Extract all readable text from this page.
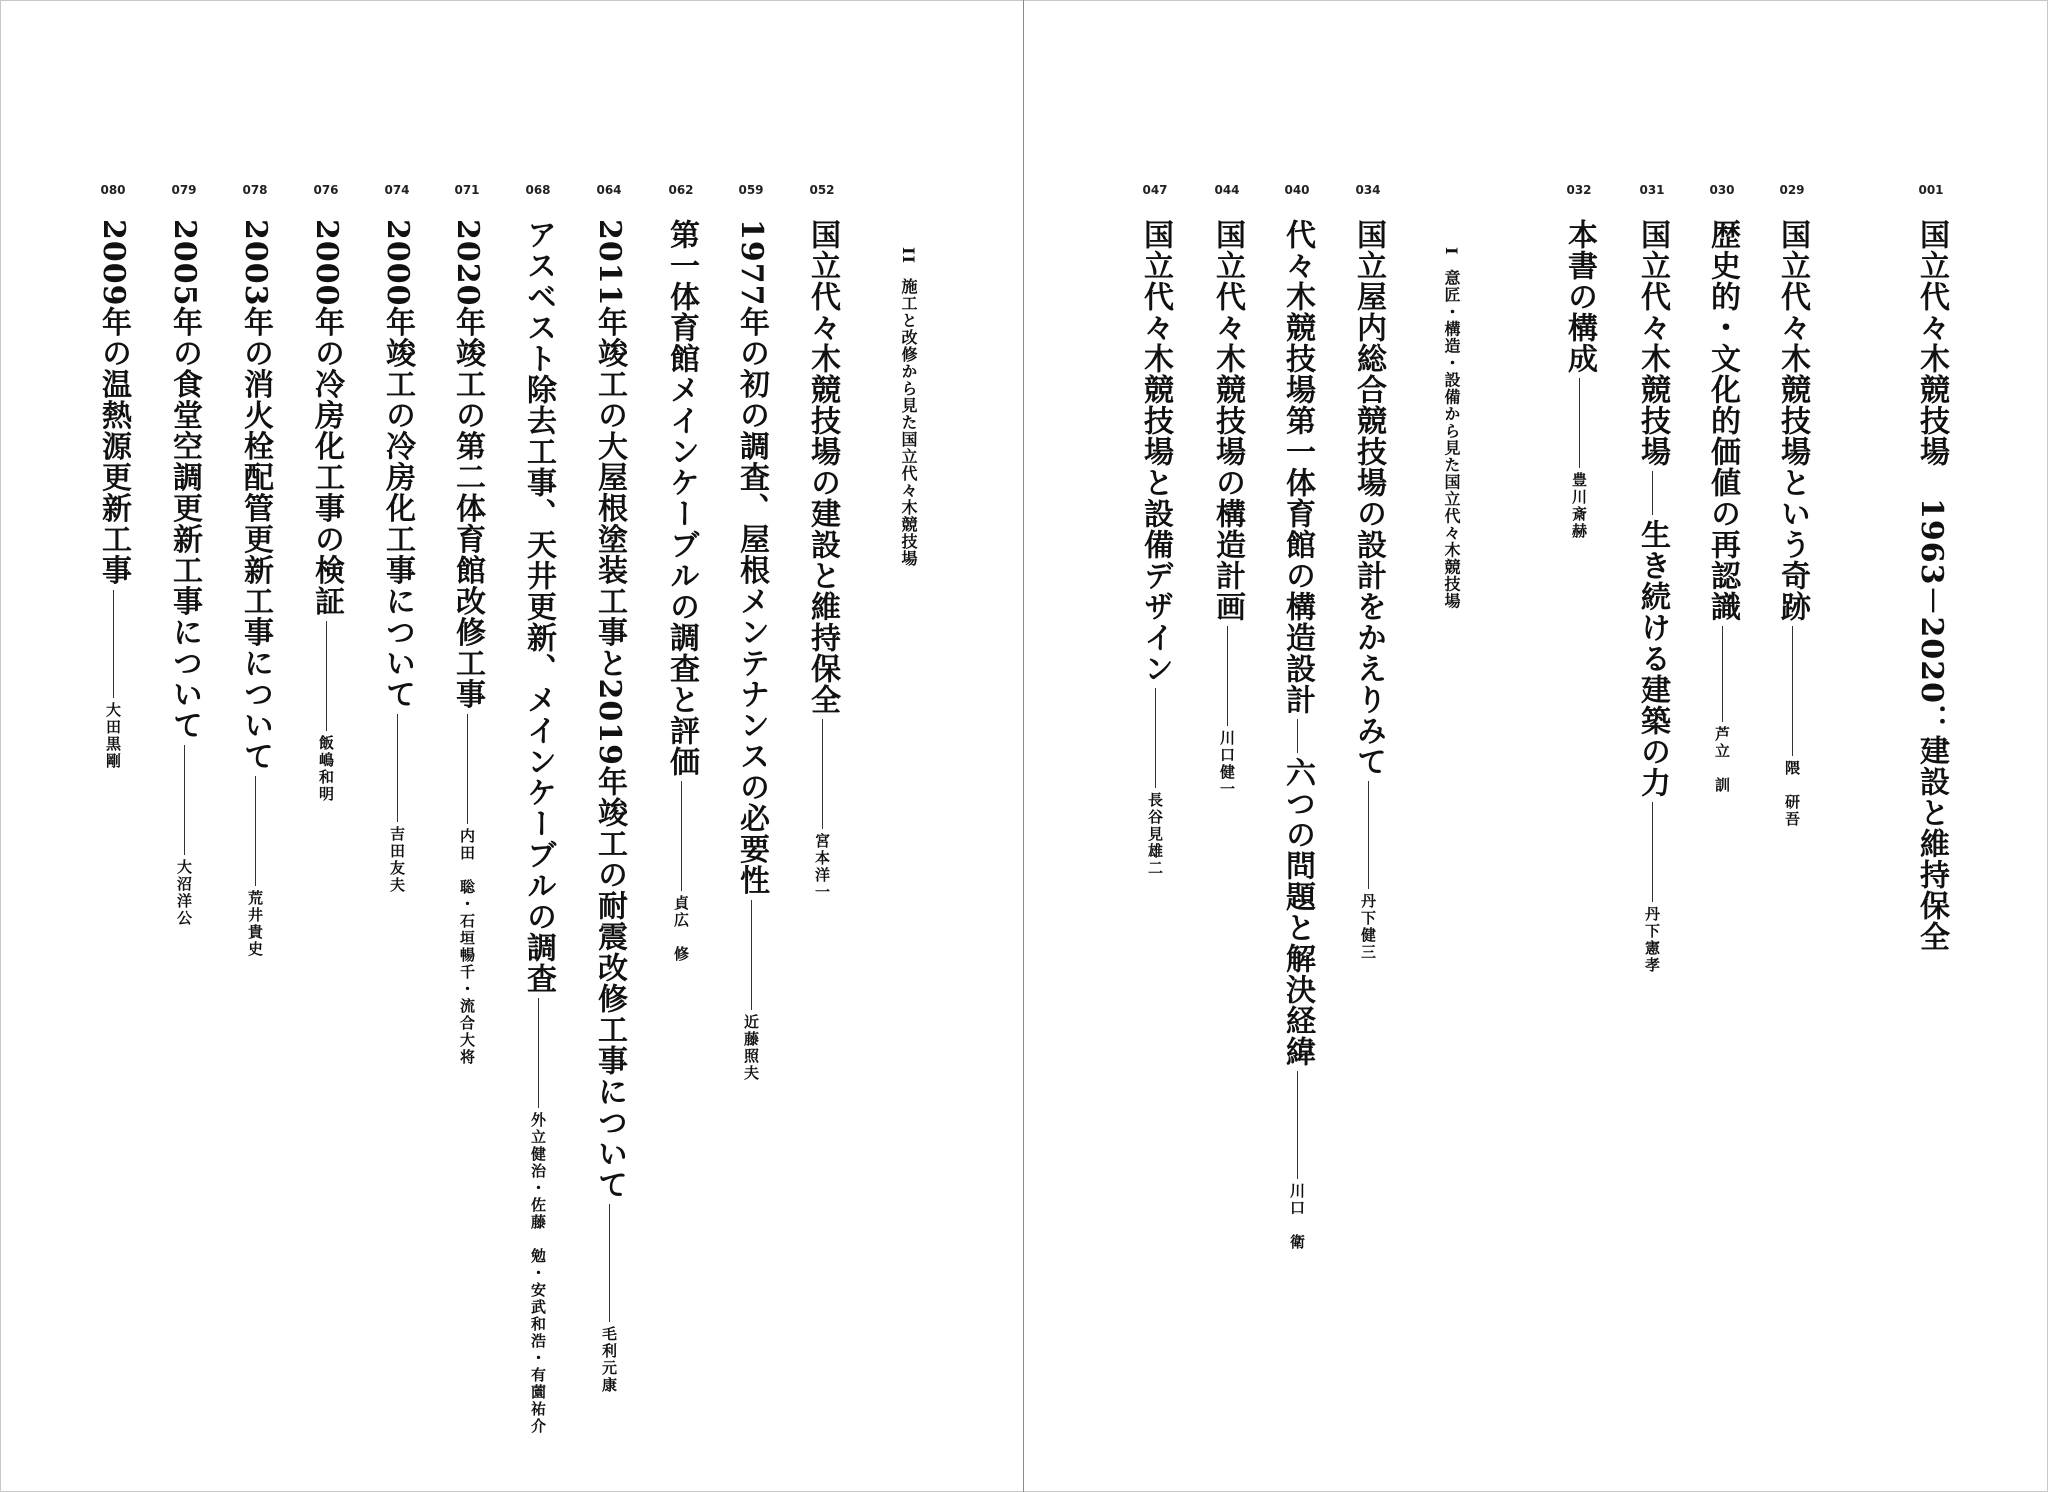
I意匠・構造・設備から見た国立代々木競技場
II施工と改修から見た国立代々木競技場
001
国立代々木競技場　1963－2020：建設と維持保全
029
国立代々木競技場という奇跡
隈　研吾
030
歴史的・文化的価値の再認識
芦立　訓
031
国立代々木競技場
生き続ける建築の力
丹下憲孝
032
本書の構成
豊川斎赫
034
国立屋内総合競技場の設計をかえりみて
丹下健三
040
代々木競技場第一体育館の構造設計
六つの問題と解決経緯
川口　衛
044
国立代々木競技場の構造計画
川口健一
047
国立代々木競技場と設備デザイン
長谷見雄二
052
国立代々木競技場の建設と維持保全
宮本洋一
059
1977年の初の調査、屋根メンテナンスの必要性
近藤照夫
062
第一体育館メインケーブルの調査と評価
貞広　修
064
2011年竣工の大屋根塗装工事と2019年竣工の耐震改修工事について
毛利元康
068
アスベスト除去工事、天井更新、メインケーブルの調査
外立健治・佐藤　勉・安武和浩・有薗祐介
071
2020年竣工の第二体育館改修工事
内田　聡・石垣暢千・流合大将
074
2000年竣工の冷房化工事について
吉田友夫
076
2000年の冷房化工事の検証
飯嶋和明
078
2003年の消火栓配管更新工事について
荒井貴史
079
2005年の食堂空調更新工事について
大沼洋公
080
2009年の温熱源更新工事
大田黒剛
